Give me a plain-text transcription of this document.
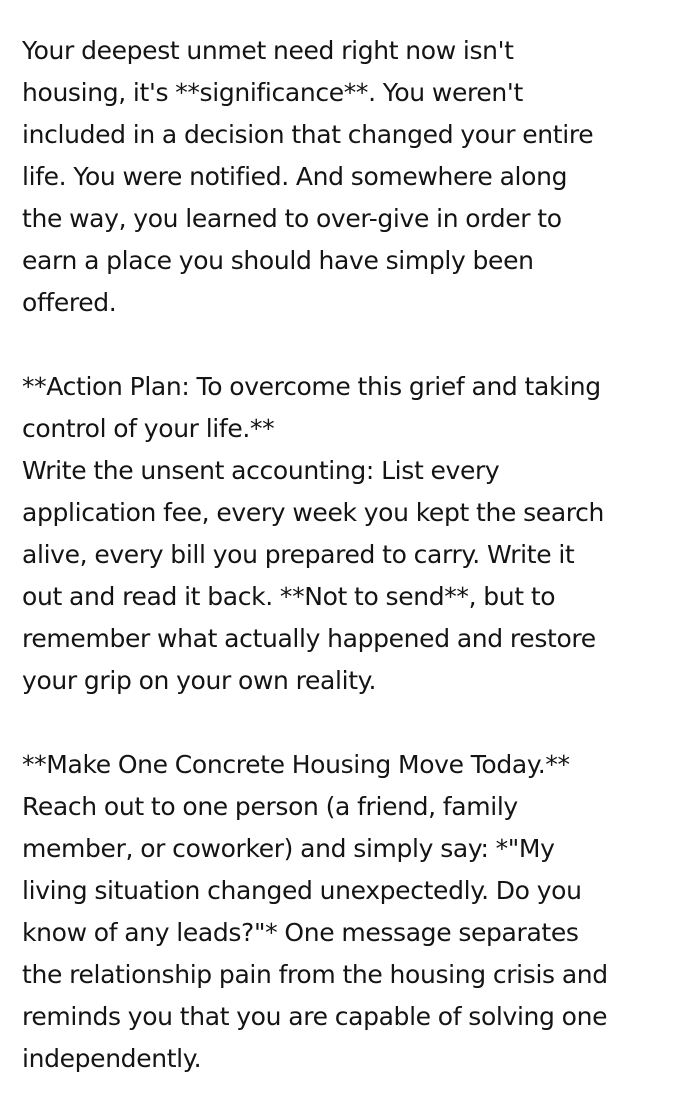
Your deepest unmet need right now isn't
housing, it's **significance**. You weren't
included in a decision that changed your entire
life. You were notified. And somewhere along
the way, you learned to over-give in order to
earn a place you should have simply been
offered.
**Action Plan: To overcome this grief and taking
control of your life.**
Write the unsent accounting: List every
application fee, every week you kept the search
alive, every bill you prepared to carry. Write it
out and read it back. **Not to send**, but to
remember what actually happened and restore
your grip on your own reality.
**Make One Concrete Housing Move Today.**
Reach out to one person (a friend, family
member, or coworker) and simply say: *"My
living situation changed unexpectedly. Do you
know of any leads?"* One message separates
the relationship pain from the housing crisis and
reminds you that you are capable of solving one
independently.
